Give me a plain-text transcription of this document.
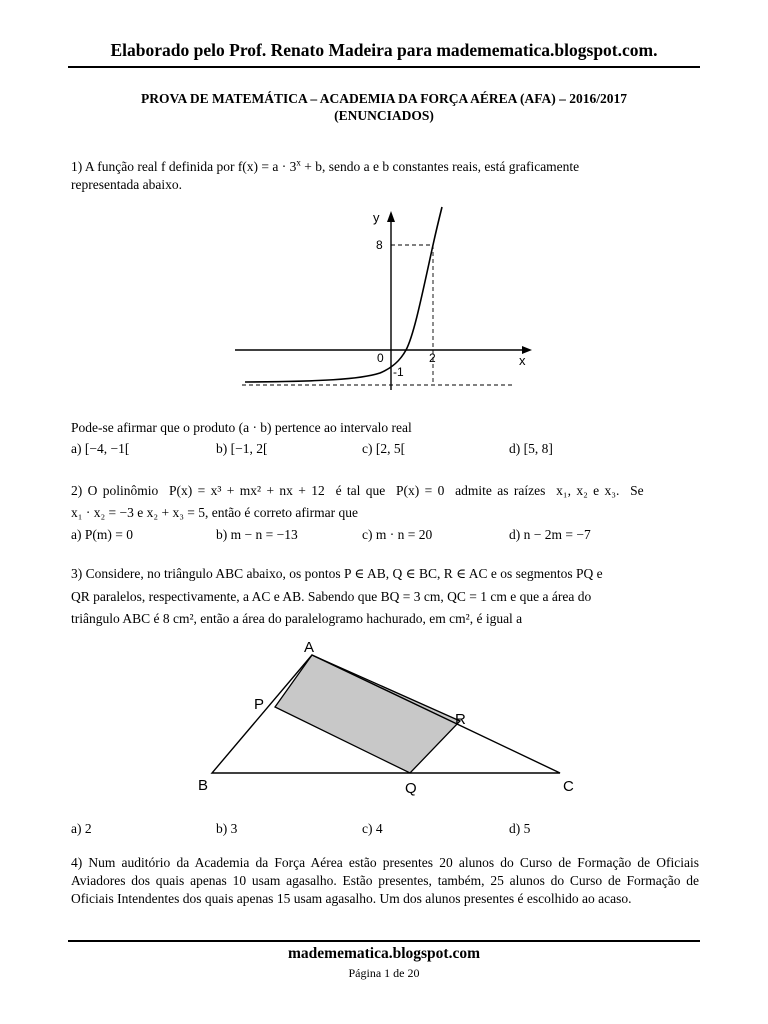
Elaborado pelo Prof. Renato Madeira para mademematica.blogspot.com.
PROVA DE MATEMÁTICA – ACADEMIA DA FORÇA AÉREA (AFA) – 2016/2017
(ENUNCIADOS)
1) A função real f definida por $f(x) = a \cdot 3^x + b$, sendo a e b constantes reais, está graficamente
representada abaixo.
y
x
8
0	2
-1
Pode-se afirmar que o produto (a · b) pertence ao intervalo real
a) [−4, −1[	b) [−1, 2[	c) [2, 5[	d) [5, 8]
2) O polinômio P(x) = x³ + mx² + nx + 12 é tal que P(x) = 0 admite as raízes x₁, x₂ e x₃. Se
x₁ · x₂ = −3 e x₂ + x₃ = 5, então é correto afirmar que
a) P(m) = 0	b) m − n = −13	c) m · n = 20	d) n − 2m = −7
3) Considere, no triângulo ABC abaixo, os pontos P ∈ AB, Q ∈ BC, R ∈ AC e os segmentos PQ e
QR paralelos, respectivamente, a AC e AB. Sabendo que BQ = 3 cm, QC = 1 cm e que a área do
triângulo ABC é 8 cm², então a área do paralelogramo hachurado, em cm², é igual a
A
B	C
P
Q
R
a) 2	b) 3	c) 4	d) 5
4) Num auditório da Academia da Força Aérea estão presentes 20 alunos do Curso de Formação de Oficiais Aviadores dos quais apenas 10 usam agasalho. Estão presentes, também, 25 alunos do Curso de Formação de Oficiais Intendentes dos quais apenas 15 usam agasalho. Um dos alunos presentes é escolhido ao acaso.
mademematica.blogspot.com
Página 1 de 20
